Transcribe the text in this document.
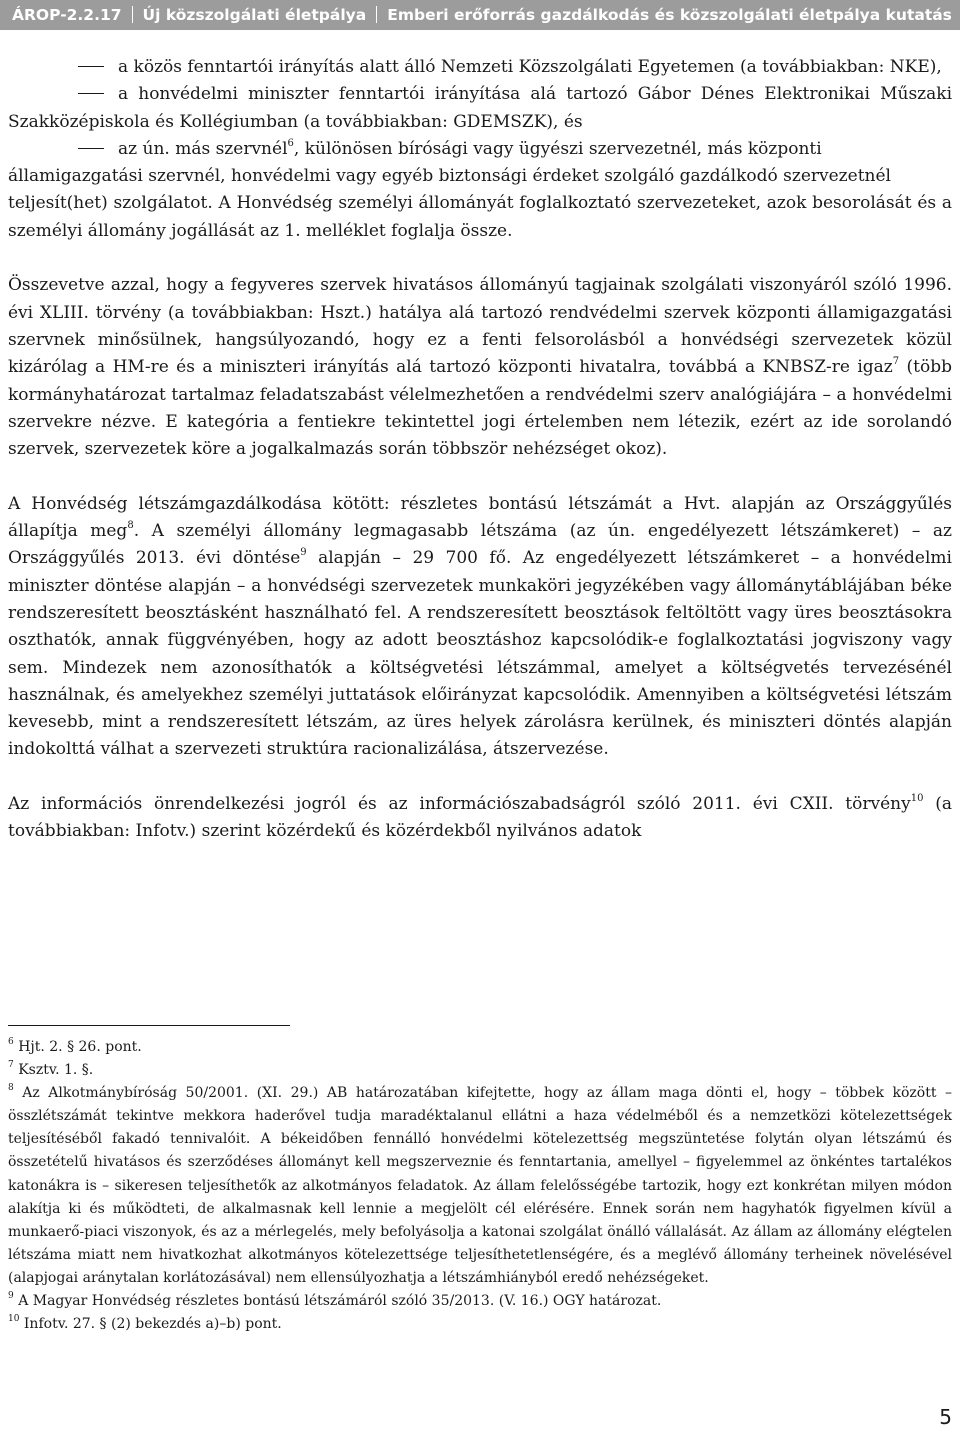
ÁROP-2.2.17 Új közszolgálati életpálya Emberi erőforrás gazdálkodás és közszolgálati életpálya kutatás

a közös fenntartói irányítás alatt álló Nemzeti Közszolgálati Egyetemen (a továbbiakban: NKE),

a honvédelmi miniszter fenntartói irányítása alá tartozó Gábor Dénes Elektronikai Műszaki Szakközépiskola és Kollégiumban (a továbbiakban: GDEMSZK), és

az ún. más szervnél$^6$, különösen bírósági vagy ügyészi szervezetnél, más központi államigazgatási szervnél, honvédelmi vagy egyéb biztonsági érdeket szolgáló gazdálkodó szervezetnél

teljesít(het) szolgálatot. A Honvédség személyi állományát foglalkoztató szervezeteket, azok besorolását és a személyi állomány jogállását az 1. melléklet foglalja össze.

Összevetve azzal, hogy a fegyveres szervek hivatásos állományú tagjainak szolgálati viszonyáról szóló 1996. évi XLIII. törvény (a továbbiakban: Hszt.) hatálya alá tartozó rendvédelmi szervek központi államigazgatási szervnek minősülnek, hangsúlyozandó, hogy ez a fenti felsorolásból a honvédségi szervezetek közül kizárólag a HM-re és a miniszteri irányítás alá tartozó központi hivatalra, továbbá a KNBSZ-re igaz$^7$ (több kormányhatározat tartalmaz feladatszabást vélelmezhetően a rendvédelmi szerv analógiájára – a honvédelmi szervekre nézve. E kategória a fentiekre tekintettel jogi értelemben nem létezik, ezért az ide sorolandó szervek, szervezetek köre a jogalkalmazás során többször nehézséget okoz).

A Honvédség létszámgazdálkodása kötött: részletes bontású létszámát a Hvt. alapján az Országgyűlés állapítja meg$^8$. A személyi állomány legmagasabb létszáma (az ún. engedélyezett létszámkeret) – az Országgyűlés 2013. évi döntése$^9$ alapján – 29 700 fő. Az engedélyezett létszámkeret – a honvédelmi miniszter döntése alapján – a honvédségi szervezetek munkaköri jegyzékében vagy állománytáblájában béke rendszeresített beosztásként használható fel. A rendszeresített beosztások feltöltött vagy üres beosztásokra oszthatók, annak függvényében, hogy az adott beosztáshoz kapcsolódik-e foglalkoztatási jogviszony vagy sem. Mindezek nem azonosíthatók a költségvetési létszámmal, amelyet a költségvetés tervezésénél használnak, és amelyekhez személyi juttatások előirányzat kapcsolódik. Amennyiben a költségvetési létszám kevesebb, mint a rendszeresített létszám, az üres helyek zárolásra kerülnek, és miniszteri döntés alapján indokolttá válhat a szervezeti struktúra racionalizálása, átszervezése.

Az információs önrendelkezési jogról és az információszabadságról szóló 2011. évi CXII. törvény$^{10}$ (a továbbiakban: Infotv.) szerint közérdekű és közérdekből nyilvános adatok

$^6$ Hjt. 2. § 26. pont.

$^7$ Ksztv. 1. §.

$^8$ Az Alkotmánybíróság 50/2001. (XI. 29.) AB határozatában kifejtette, hogy az állam maga dönti el, hogy – többek között – összlétszámát tekintve mekkora haderővel tudja maradéktalanul ellátni a haza védelméből és a nemzetközi kötelezettségek teljesítéséből fakadó tennivalóit. A békeidőben fennálló honvédelmi kötelezettség megszüntetése folytán olyan létszámú és összetételű hivatásos és szerződéses állományt kell megszerveznie és fenntartania, amellyel – figyelemmel az önkéntes tartalékos katonákra is – sikeresen teljesíthetők az alkotmányos feladatok. Az állam felelősségébe tartozik, hogy ezt konkrétan milyen módon alakítja ki és működteti, de alkalmasnak kell lennie a megjelölt cél elérésére. Ennek során nem hagyhatók figyelmen kívül a munkaerő-piaci viszonyok, és az a mérlegelés, mely befolyásolja a katonai szolgálat önálló vállalását. Az állam az állomány elégtelen létszáma miatt nem hivatkozhat alkotmányos kötelezettsége teljesíthetetlenségére, és a meglévő állomány terheinek növelésével (alapjogai aránytalan korlátozásával) nem ellensúlyozhatja a létszámhiányból eredő nehézségeket.

$^9$ A Magyar Honvédség részletes bontású létszámáról szóló 35/2013. (V. 16.) OGY határozat.

$^{10}$ Infotv. 27. § (2) bekezdés a)–b) pont.

5
